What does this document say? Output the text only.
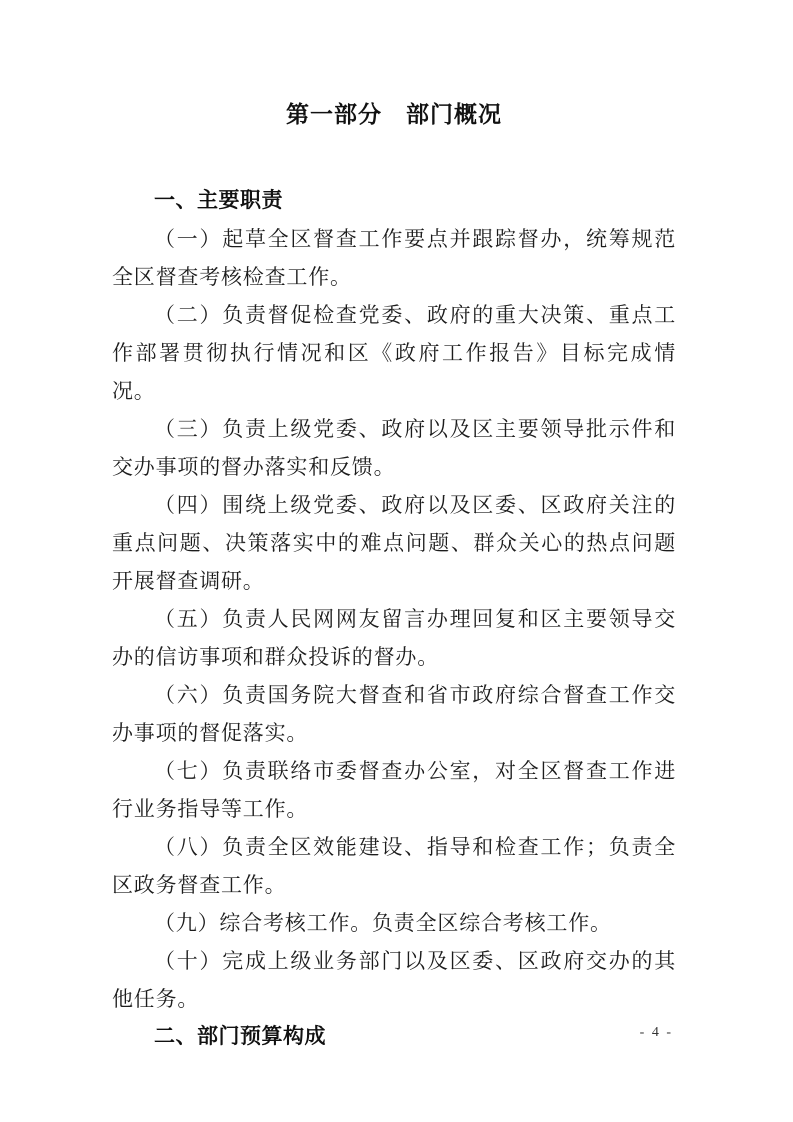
第一部分　部门概况
一、主要职责

（一）起草全区督查工作要点并跟踪督办，统筹规范全区督查考核检查工作。

（二）负责督促检查党委、政府的重大决策、重点工作部署贯彻执行情况和区《政府工作报告》目标完成情况。

（三）负责上级党委、政府以及区主要领导批示件和交办事项的督办落实和反馈。

（四）围绕上级党委、政府以及区委、区政府关注的重点问题、决策落实中的难点问题、群众关心的热点问题开展督查调研。

（五）负责人民网网友留言办理回复和区主要领导交办的信访事项和群众投诉的督办。

（六）负责国务院大督查和省市政府综合督查工作交办事项的督促落实。

（七）负责联络市委督查办公室，对全区督查工作进行业务指导等工作。

（八）负责全区效能建设、指导和检查工作；负责全区政务督查工作。

（九）综合考核工作。负责全区综合考核工作。

（十）完成上级业务部门以及区委、区政府交办的其他任务。

二、部门预算构成	- 4 -
